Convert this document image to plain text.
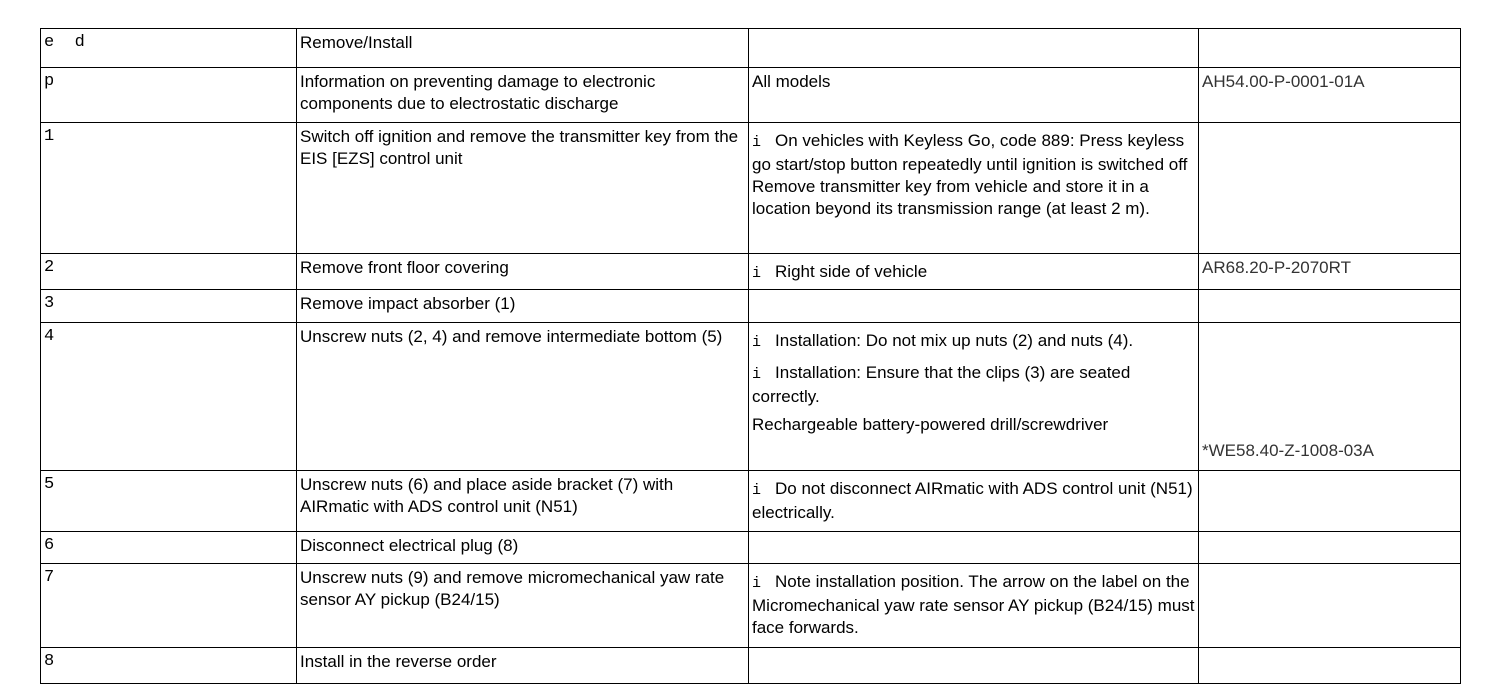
e  d	Remove/Install		
p	Information on preventing damage to electronic components due to electrostatic discharge	All models	AH54.00-P-0001-01A
1	Switch off ignition and remove the transmitter key from the EIS [EZS] control unit	i On vehicles with Keyless Go, code 889: Press keyless go start/stop button repeatedly until ignition is switched off Remove transmitter key from vehicle and store it in a location beyond its transmission range (at least 2 m).	

2	Remove front floor covering	i Right side of vehicle	AR68.20-P-2070RT
3	Remove impact absorber (1)		
4	Unscrew nuts (2, 4) and remove intermediate bottom (5)	i Installation: Do not mix up nuts (2) and nuts (4).
i Installation: Ensure that the clips (3) are seated correctly.
Rechargeable battery-powered drill/screwdriver	*WE58.40-Z-1008-03A
5	Unscrew nuts (6) and place aside bracket (7) with AIRmatic with ADS control unit (N51)	i Do not disconnect AIRmatic with ADS control unit (N51) electrically.	

6	Disconnect electrical plug (8)		
7	Unscrew nuts (9) and remove micromechanical yaw rate sensor AY pickup (B24/15)	i Note installation position. The arrow on the label on the Micromechanical yaw rate sensor AY pickup (B24/15) must face forwards.	

8	Install in the reverse order		
